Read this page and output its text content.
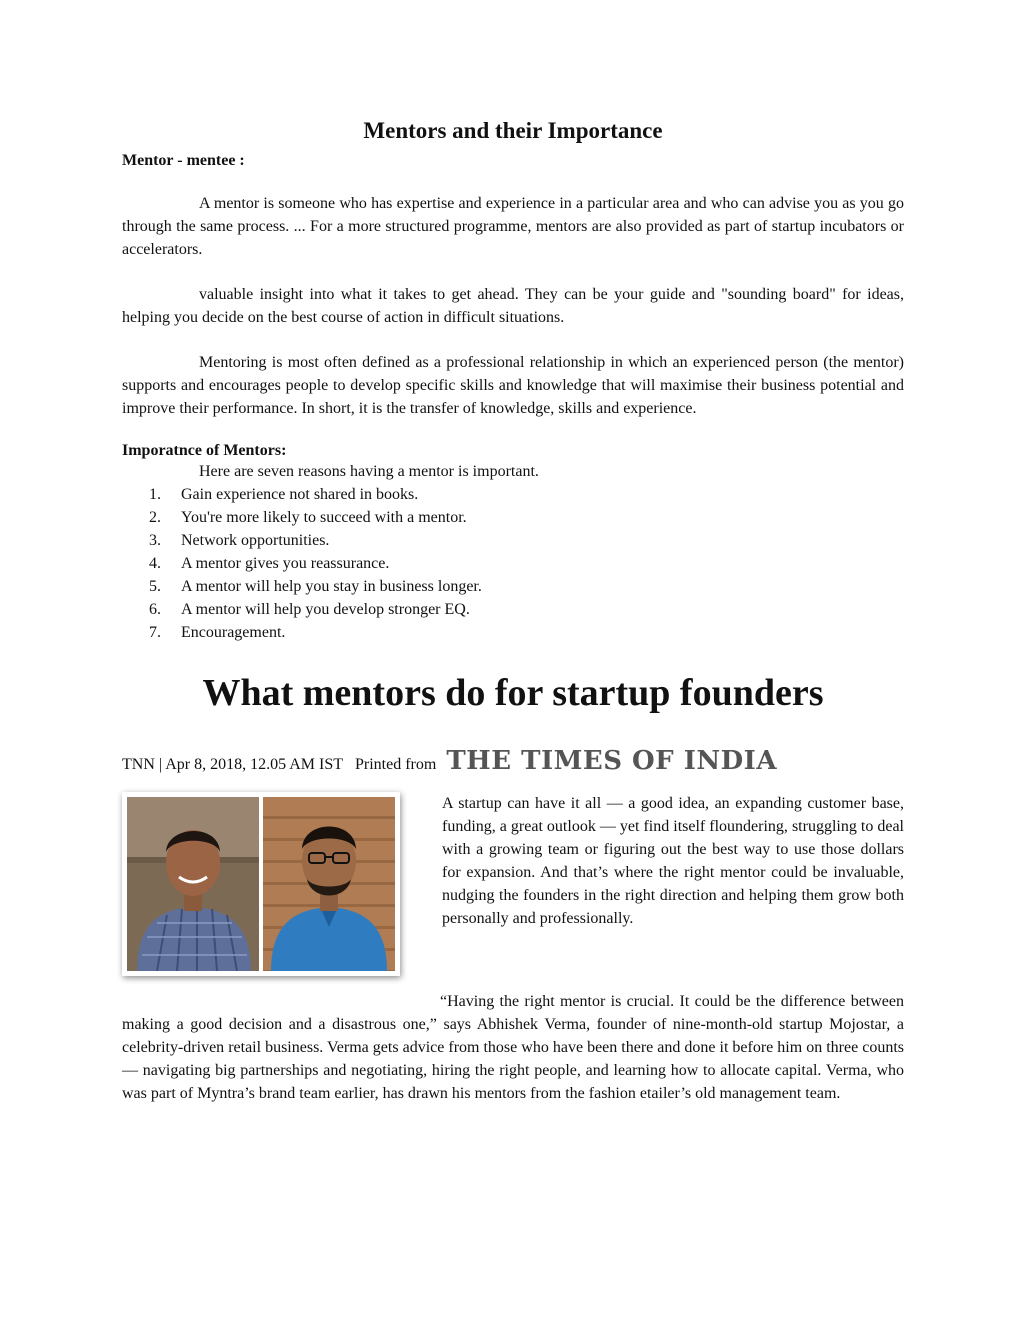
Mentors and their Importance

Mentor - mentee :

A mentor is someone who has expertise and experience in a particular area and who can advise you as you go through the same process. ... For a more structured programme, mentors are also provided as part of startup incubators or accelerators.

valuable insight into what it takes to get ahead. They can be your guide and "sounding board" for ideas, helping you decide on the best course of action in difficult situations.

Mentoring is most often defined as a professional relationship in which an experienced person (the mentor) supports and encourages people to develop specific skills and knowledge that will maximise their business potential and improve their performance. In short, it is the transfer of knowledge, skills and experience.

Imporatnce of Mentors:

Here are seven reasons having a mentor is important.

1. Gain experience not shared in books.
2. You're more likely to succeed with a mentor.
3. Network opportunities.
4. A mentor gives you reassurance.
5. A mentor will help you stay in business longer.
6. A mentor will help you develop stronger EQ.
7. Encouragement.
What mentors do for startup founders
TNN | Apr 8, 2018, 12.05 AM IST Printed from THE TIMES OF INDIA

A startup can have it all — a good idea, an expanding customer base, funding, a great outlook — yet find itself floundering, struggling to deal with a growing team or figuring out the best way to use those dollars for expansion. And that’s where the right mentor could be invaluable, nudging the founders in the right direction and helping them grow both personally and professionally.

“Having the right mentor is crucial. It could be the difference between making a good decision and a disastrous one,” says Abhishek Verma, founder of nine-month-old startup Mojostar, a celebrity-driven retail business. Verma gets advice from those who have been there and done it before him on three counts — navigating big partnerships and negotiating, hiring the right people, and learning how to allocate capital. Verma, who was part of Myntra’s brand team earlier, has drawn his mentors from the fashion etailer’s old management team.
